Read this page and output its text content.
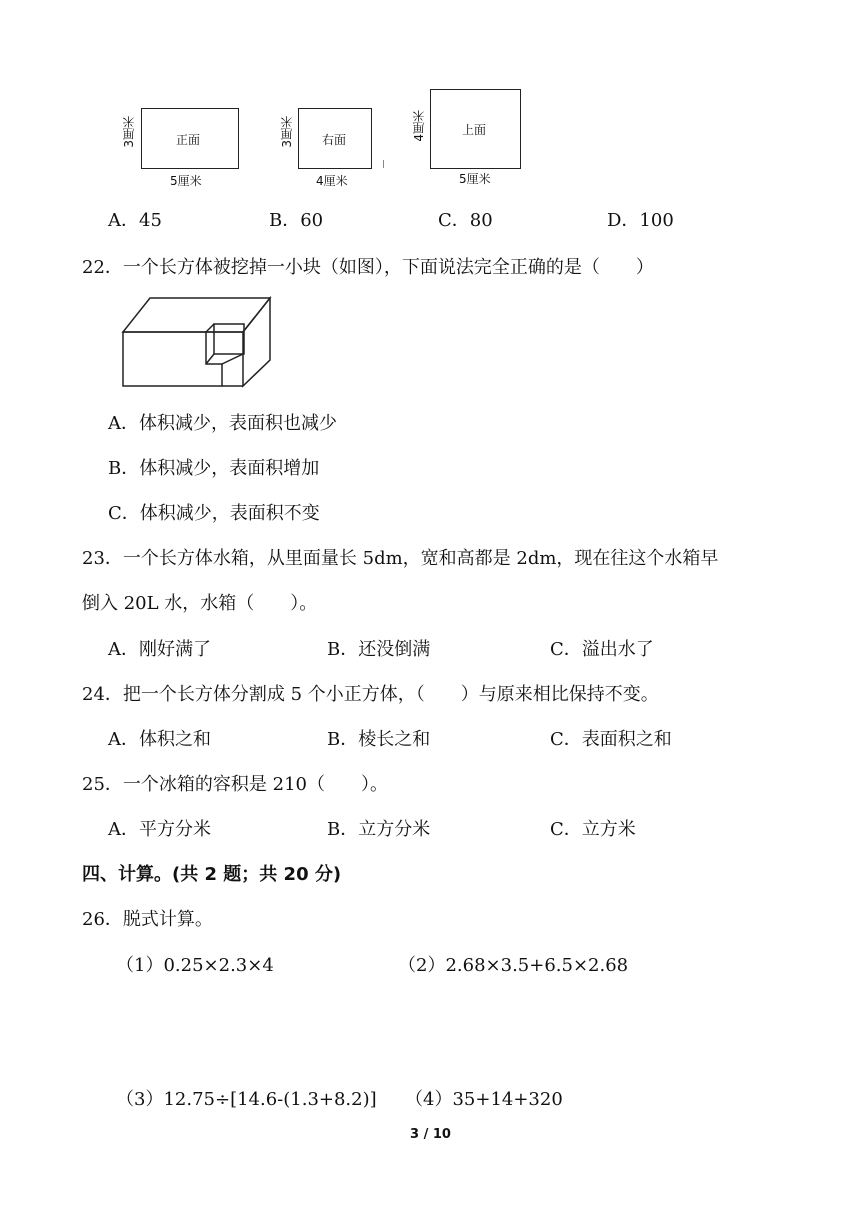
正面
3厘米
5厘米
右面
3厘米
4厘米
上面
4厘米
5厘米
A．45	B．60	C．80	D．100
22．一个长方体被挖掉一小块（如图），下面说法完全正确的是（　　）
A．体积减少，表面积也减少
B．体积减少，表面积增加
C．体积减少，表面积不变
23．一个长方体水箱，从里面量长 5dm，宽和高都是 2dm，现在往这个水箱早
倒入 20L 水，水箱（　　）。
A．刚好满了	B．还没倒满	C．溢出水了
24．把一个长方体分割成 5 个小正方体，（　　）与原来相比保持不变。
A．体积之和	B．棱长之和	C．表面积之和
25．一个冰箱的容积是 210（　　）。
A．平方分米	B．立方分米	C．立方米
四、计算。(共 2 题；共 20 分)
26．脱式计算。
（1）0.25×2.3×4	（2）2.68×3.5+6.5×2.68
（3）12.75÷[14.6-(1.3+8.2)] （4）35+14+320
3 / 10
